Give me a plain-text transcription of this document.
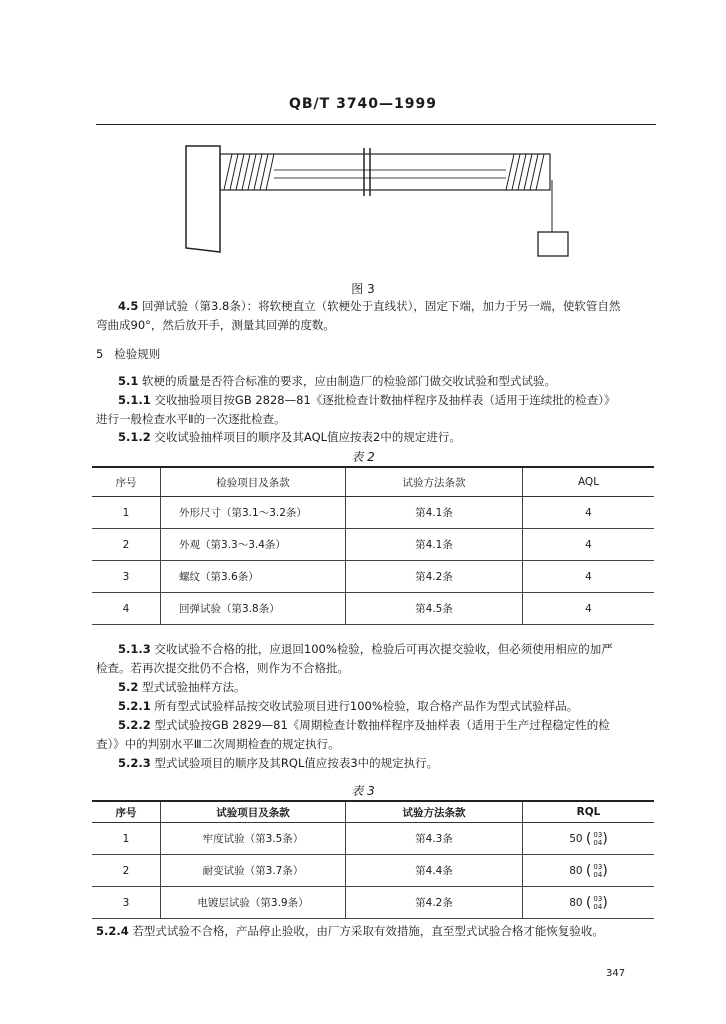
QB/T 3740—1999
图 3
4.5 回弹试验（第3.8条）：将软梗直立（软梗处于直线状），固定下端，加力于另一端，使软管自然
弯曲成90°，然后放开手，测量其回弹的度数。
5 检验规则
5.1 软梗的质量是否符合标准的要求，应由制造厂的检验部门做交收试验和型式试验。
5.1.1 交收抽验项目按GB 2828—81《逐批检查计数抽样程序及抽样表（适用于连续批的检查）》
进行一般检查水平Ⅱ的一次逐批检查。
5.1.2 交收试验抽样项目的顺序及其AQL值应按表2中的规定进行。
表 2
序号	检验项目及条款	试验方法条款	AQL
1	外形尺寸（第3.1～3.2条）	第4.1条	4
2	外观（第3.3～3.4条）	第4.1条	4
3	螺纹（第3.6条）	第4.2条	4
4	回弹试验（第3.8条）	第4.5条	4
5.1.3 交收试验不合格的批，应退回100%检验，检验后可再次提交验收，但必须使用相应的加严
检查。若再次提交批仍不合格，则作为不合格批。
5.2 型式试验抽样方法。
5.2.1 所有型式试验样品按交收试验项目进行100%检验，取合格产品作为型式试验样品。
5.2.2 型式试验按GB 2829—81《周期检查计数抽样程序及抽样表（适用于生产过程稳定性的检
查）》中的判别水平Ⅲ二次周期检查的规定执行。
5.2.3 型式试验项目的顺序及其RQL值应按表3中的规定执行。
表 3
序号	试验项目及条款	试验方法条款	RQL
1	牢度试验（第3.5条）	第4.3条	50 ( 03
04 )
2	耐变试验（第3.7条）	第4.4条	80 ( 03
04 )
3	电镀层试验（第3.9条）	第4.2条	80 ( 03
04 )
5.2.4 若型式试验不合格，产品停止验收，由厂方采取有效措施，直至型式试验合格才能恢复验收。
347
